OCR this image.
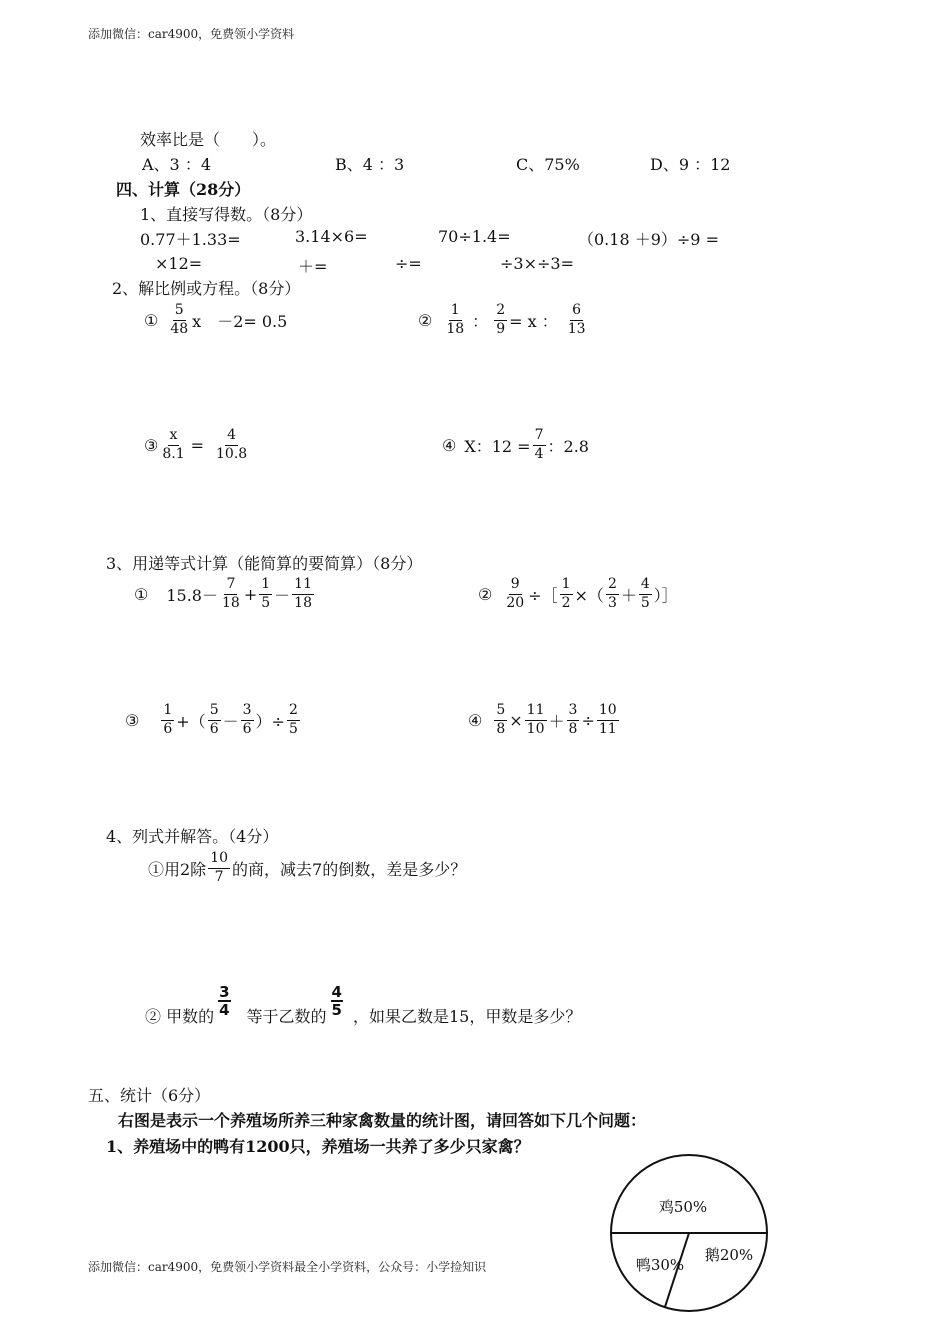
添加微信：car4900，免费领小学资料
效率比是（　　）。
A、3 ：4	B、4 ：3	C、75%	D、9 ：12
四、计算（28分）
1、直接写得数。（8分）
0.77＋1.33=	3.14×6=	70÷1.4=	（0.18 ＋9）÷9 =
×12=	＋=	÷=	÷3×÷3=
2、解比例或方程。（8分）
① $\frac{5}{48}$ x　－2= 0.5	② $\frac{1}{18}$ ： $\frac{2}{9} = x$ ： $\frac{6}{13}$
③ $\frac{x}{8.1} = \frac{4}{10.8}$	④ X：$12 = \frac{7}{4}$ ：2.8
3、用递等式计算（能简算的要简算）（8分）
① $15.8- \frac{7}{18} + \frac{1}{5} - \frac{11}{18}$	② $\frac{9}{20}$ ÷［ $\frac{1}{2}$ ×（ $\frac{2}{3} + \frac{4}{5}$ ）］
③ $\frac{1}{6}$ +（ $\frac{5}{6} - \frac{3}{6}$ ）÷ $\frac{2}{5}$	④ $\frac{5}{8} \times \frac{11}{10} + \frac{3}{8} \div \frac{10}{11}$
4、列式并解答。（4分）
①用2除 $\frac{10}{7}$ 的商，减去7的倒数，差是多少？
② 甲数的 $\frac{3}{4}$ 等于乙数的 $\frac{4}{5}$ ，如果乙数是15，甲数是多少？
五、统计（6分）
右图是表示一个养殖场所养三种家禽数量的统计图，请回答如下几个问题：
1、养殖场中的鸭有1200只，养殖场一共养了多少只家禽？
鸡50%
鸭30%
鹅20%
添加微信：car4900，免费领小学资料最全小学资料，公众号：小学捡知识
